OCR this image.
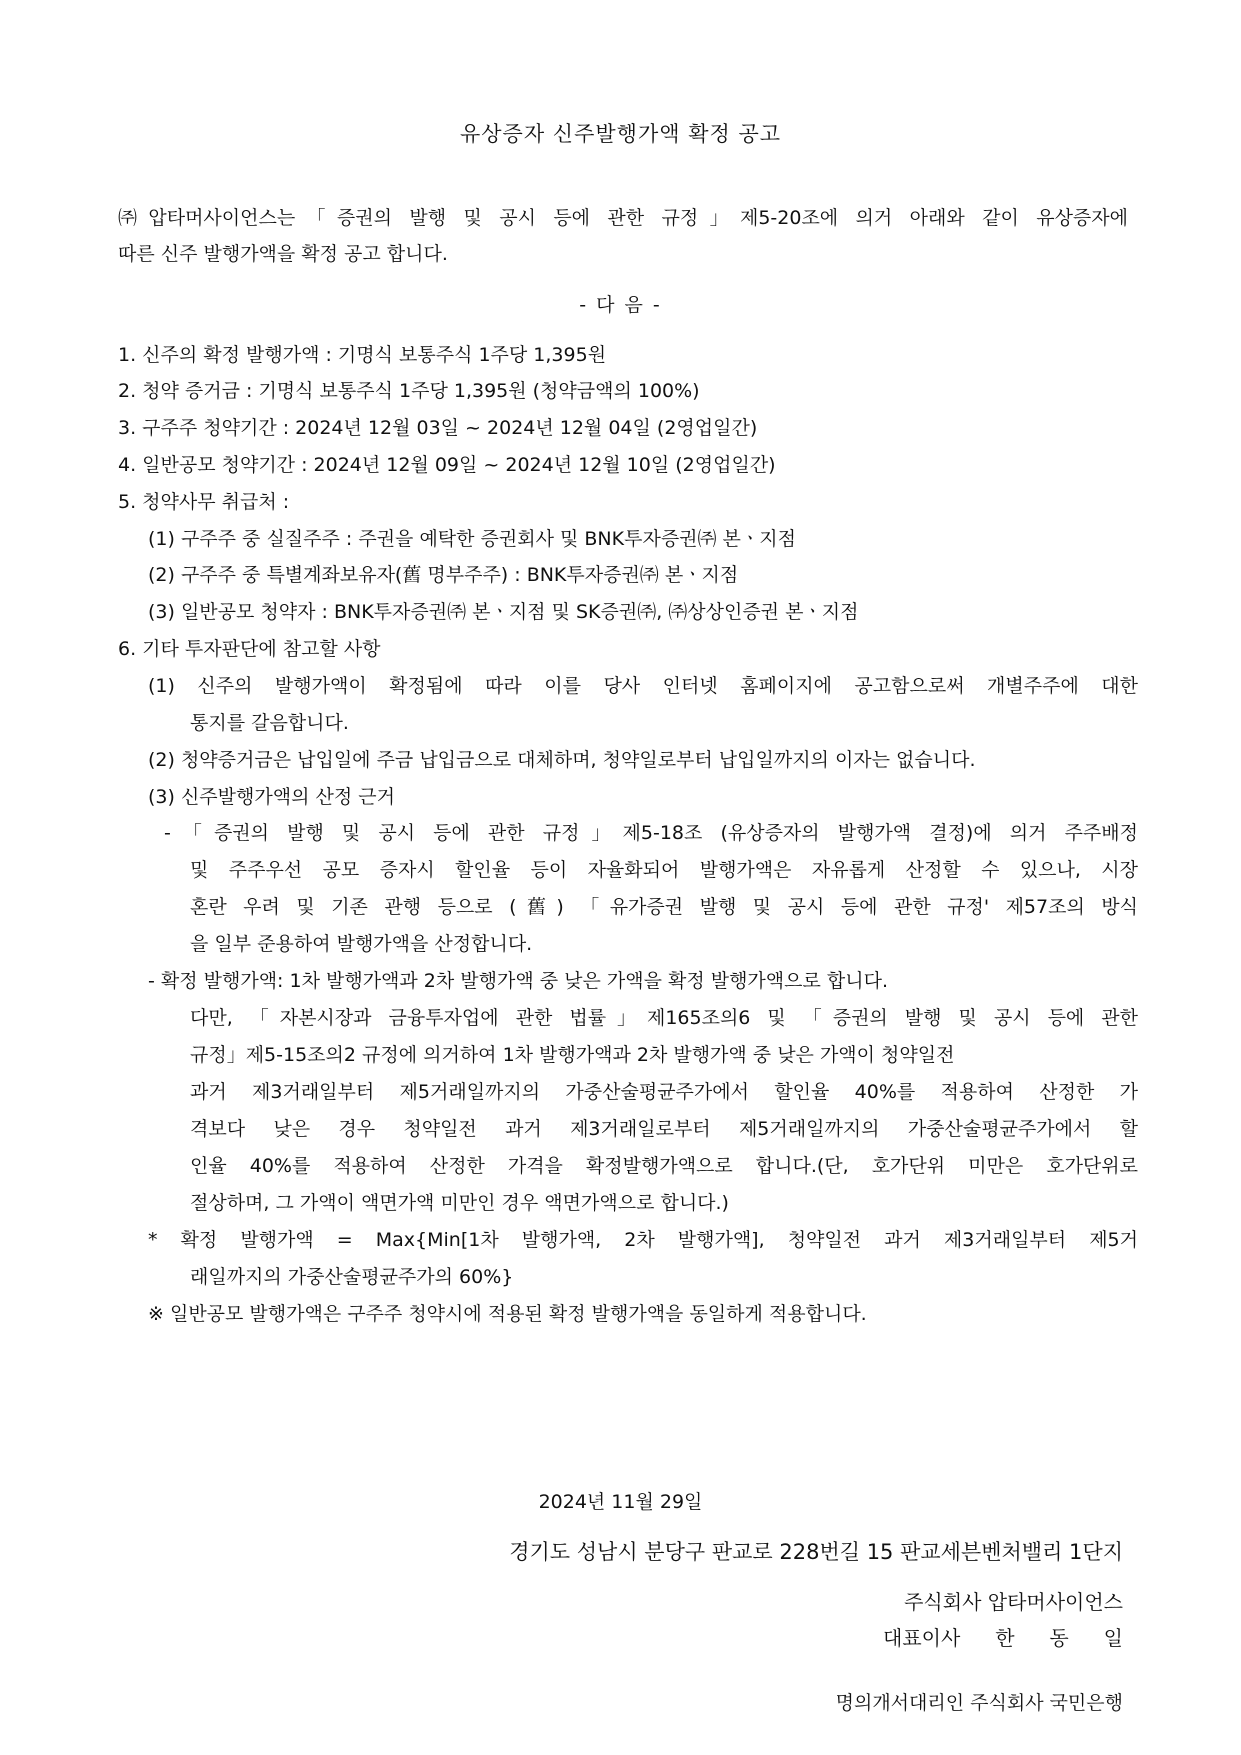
유상증자 신주발행가액 확정 공고
㈜압타머사이언스는「증권의 발행 및 공시 등에 관한 규정」제5-20조에 의거 아래와 같이 유상증자에
따른 신주 발행가액을 확정 공고 합니다.
- 다 음 -
1. 신주의 확정 발행가액 : 기명식 보통주식 1주당 1,395원
2. 청약 증거금 : 기명식 보통주식 1주당 1,395원 (청약금액의 100%)
3. 구주주 청약기간 : 2024년 12월 03일 ~ 2024년 12월 04일 (2영업일간)
4. 일반공모 청약기간 : 2024년 12월 09일 ~ 2024년 12월 10일 (2영업일간)
5. 청약사무 취급처 :
(1) 구주주 중 실질주주 : 주권을 예탁한 증권회사 및 BNK투자증권㈜ 본ㆍ지점
(2) 구주주 중 특별계좌보유자(舊 명부주주) : BNK투자증권㈜ 본ㆍ지점
(3) 일반공모 청약자 : BNK투자증권㈜ 본ㆍ지점 및 SK증권㈜, ㈜상상인증권 본ㆍ지점
6. 기타 투자판단에 참고할 사항
(1) 신주의 발행가액이 확정됨에 따라 이를 당사 인터넷 홈페이지에 공고함으로써 개별주주에 대한
통지를 갈음합니다.
(2) 청약증거금은 납입일에 주금 납입금으로 대체하며, 청약일로부터 납입일까지의 이자는 없습니다.
(3) 신주발행가액의 산정 근거
-「증권의 발행 및 공시 등에 관한 규정」제5-18조 (유상증자의 발행가액 결정)에 의거 주주배정
및 주주우선 공모 증자시 할인율 등이 자율화되어 발행가액은 자유롭게 산정할 수 있으나, 시장
혼란 우려 및 기존 관행 등으로 (舊) 「유가증권 발행 및 공시 등에 관한 규정' 제57조의 방식
을 일부 준용하여 발행가액을 산정합니다.
- 확정 발행가액: 1차 발행가액과 2차 발행가액 중 낮은 가액을 확정 발행가액으로 합니다.
다만, 「자본시장과 금융투자업에 관한 법률」제165조의6 및 「증권의 발행 및 공시 등에 관한
규정」제5-15조의2 규정에 의거하여 1차 발행가액과 2차 발행가액 중 낮은 가액이 청약일전
과거 제3거래일부터 제5거래일까지의 가중산술평균주가에서 할인율 40%를 적용하여 산정한 가
격보다 낮은 경우 청약일전 과거 제3거래일로부터 제5거래일까지의 가중산술평균주가에서 할
인율 40%를 적용하여 산정한 가격을 확정발행가액으로 합니다.(단, 호가단위 미만은 호가단위로
절상하며, 그 가액이 액면가액 미만인 경우 액면가액으로 합니다.)
* 확정 발행가액 = Max{Min[1차 발행가액, 2차 발행가액], 청약일전 과거 제3거래일부터 제5거
래일까지의 가중산술평균주가의 60%}
※ 일반공모 발행가액은 구주주 청약시에 적용된 확정 발행가액을 동일하게 적용합니다.
2024년 11월 29일
경기도 성남시 분당구 판교로 228번길 15 판교세븐벤처밸리 1단지
주식회사 압타머사이언스
대표이사 한 동 일
명의개서대리인 주식회사 국민은행
